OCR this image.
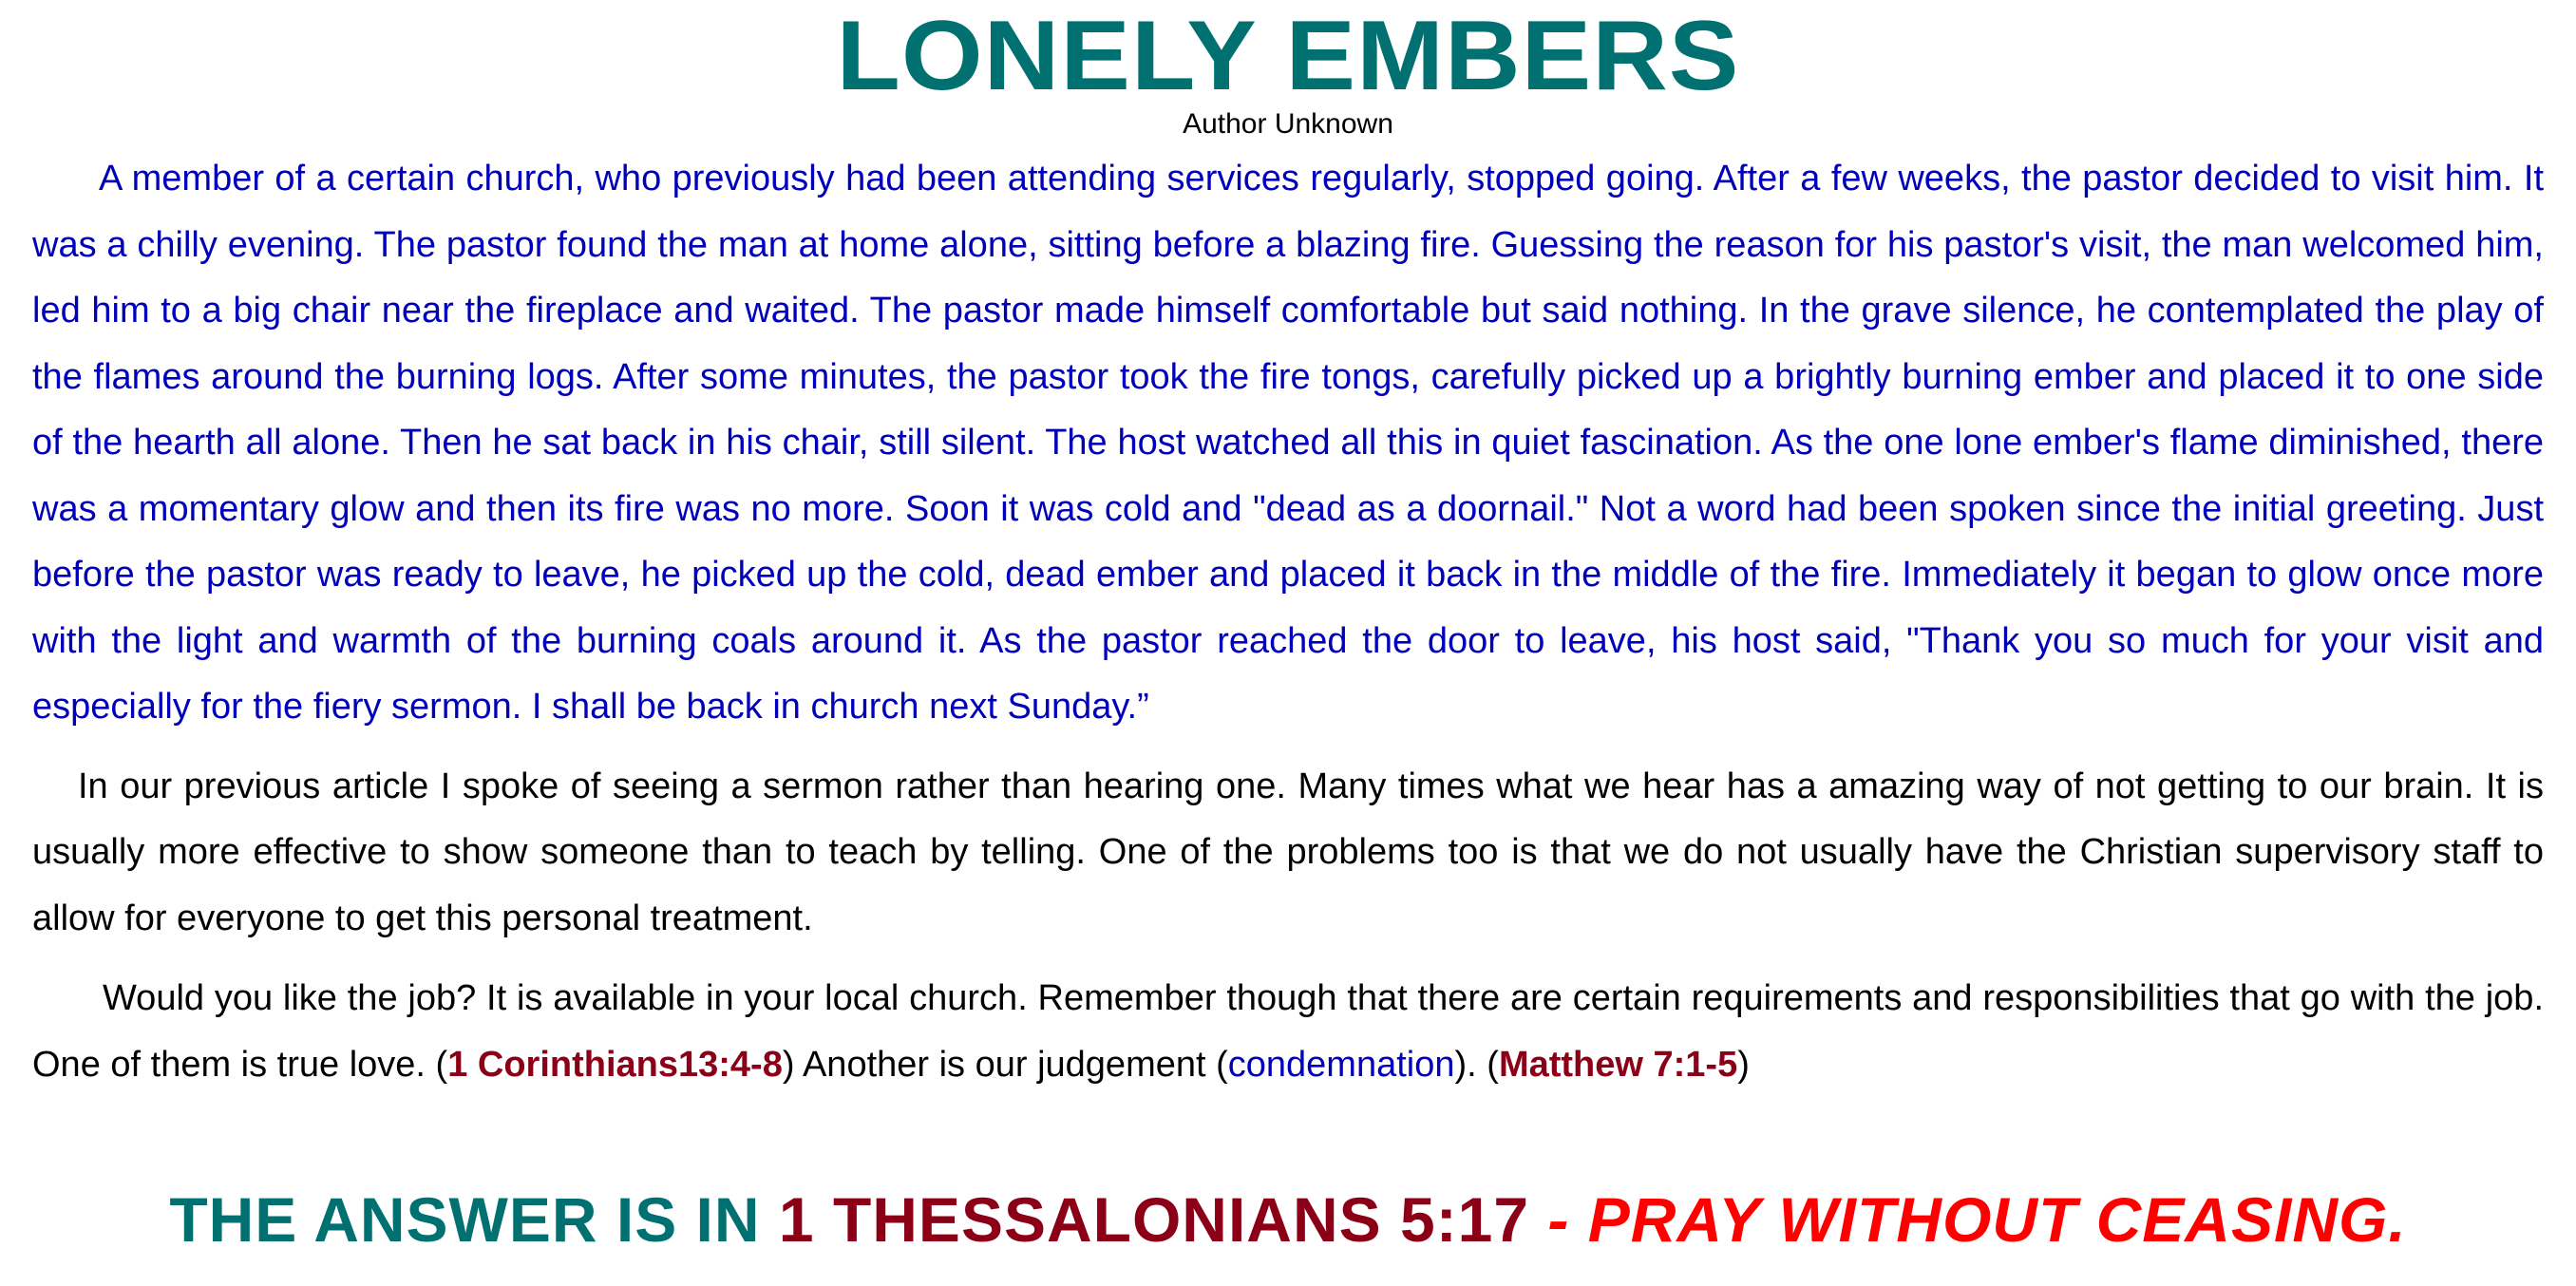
LONELY EMBERS
Author Unknown

A member of a certain church, who previously had been attending services regularly, stopped going. After a few weeks, the pastor decided to visit him. It was a chilly evening. The pastor found the man at home alone, sitting before a blazing fire. Guessing the reason for his pastor's visit, the man welcomed him, led him to a big chair near the fireplace and waited. The pastor made himself comfortable but said nothing. In the grave silence, he contemplated the play of the flames around the burning logs. After some minutes, the pastor took the fire tongs, carefully picked up a brightly burning ember and placed it to one side of the hearth all alone. Then he sat back in his chair, still silent. The host watched all this in quiet fascination. As the one lone ember's flame diminished, there was a momentary glow and then its fire was no more. Soon it was cold and "dead as a doornail." Not a word had been spoken since the initial greeting. Just before the pastor was ready to leave, he picked up the cold, dead ember and placed it back in the middle of the fire. Immediately it began to glow once more with the light and warmth of the burning coals around it. As the pastor reached the door to leave, his host said, "Thank you so much for your visit and especially for the fiery sermon. I shall be back in church next Sunday.”

In our previous article I spoke of seeing a sermon rather than hearing one. Many times what we hear has a amazing way of not getting to our brain. It is usually more effective to show someone than to teach by telling. One of the problems too is that we do not usually have the Christian supervisory staff to allow for everyone to get this personal treatment.

Would you like the job? It is available in your local church. Remember though that there are certain requirements and responsibilities that go with the job. One of them is true love. (1 Corinthians13:4-8) Another is our judgement (condemnation). (Matthew 7:1-5)

THE ANSWER IS IN 1 THESSALONIANS 5:17 - PRAY WITHOUT CEASING.
